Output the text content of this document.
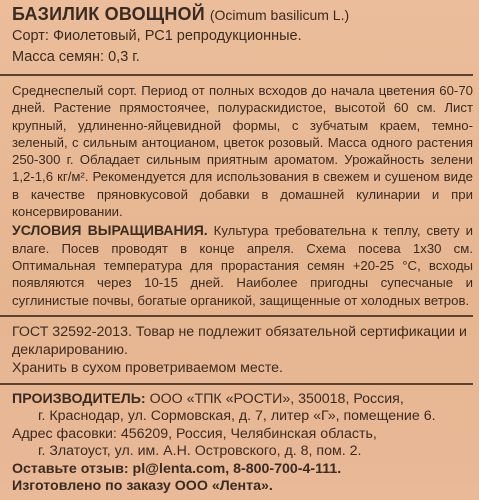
БАЗИЛИК ОВОЩНОЙ (Ocimum basilicum L.)
Сорт: Фиолетовый, РС1 репродукционные.
Масса семян: 0,3 г.
Среднеспелый сорт. Период от полных всходов до начала цветения 60-70 дней. Растение прямостоячее, полураскидистое, высотой 60 см. Лист крупный, удлиненно-яйцевидной формы, с зубчатым краем, темно-зеленый, с сильным антоцианом, цветок розовый. Масса одного растения 250-300 г. Обладает сильным приятным ароматом. Урожайность зелени 1,2-1,6 кг/м². Рекомендуется для использования в свежем и сушеном виде в качестве пряновкусовой добавки в домашней кулинарии и при консервировании.
УСЛОВИЯ ВЫРАЩИВАНИЯ. Культура требовательна к теплу, свету и влаге. Посев проводят в конце апреля. Схема посева 1х30 см. Оптимальная температура для прорастания семян +20-25 °С, всходы появляются через 10-15 дней. Наиболее пригодны супесчаные и суглинистые почвы, богатые органикой, защищенные от холодных ветров.
ГОСТ 32592-2013. Товар не подлежит обязательной сертификации и декларированию.
Хранить в сухом проветриваемом месте.
ПРОИЗВОДИТЕЛЬ: ООО «ТПК «РОСТИ», 350018, Россия,
г. Краснодар, ул. Сормовская, д. 7, литер «Г», помещение 6.
Адрес фасовки: 456209, Россия, Челябинская область,
г. Златоуст, ул. им. А.Н. Островского, д. 8, пом. 2.
Оставьте отзыв: pl@lenta.com, 8-800-700-4-111.
Изготовлено по заказу ООО «Лента».
